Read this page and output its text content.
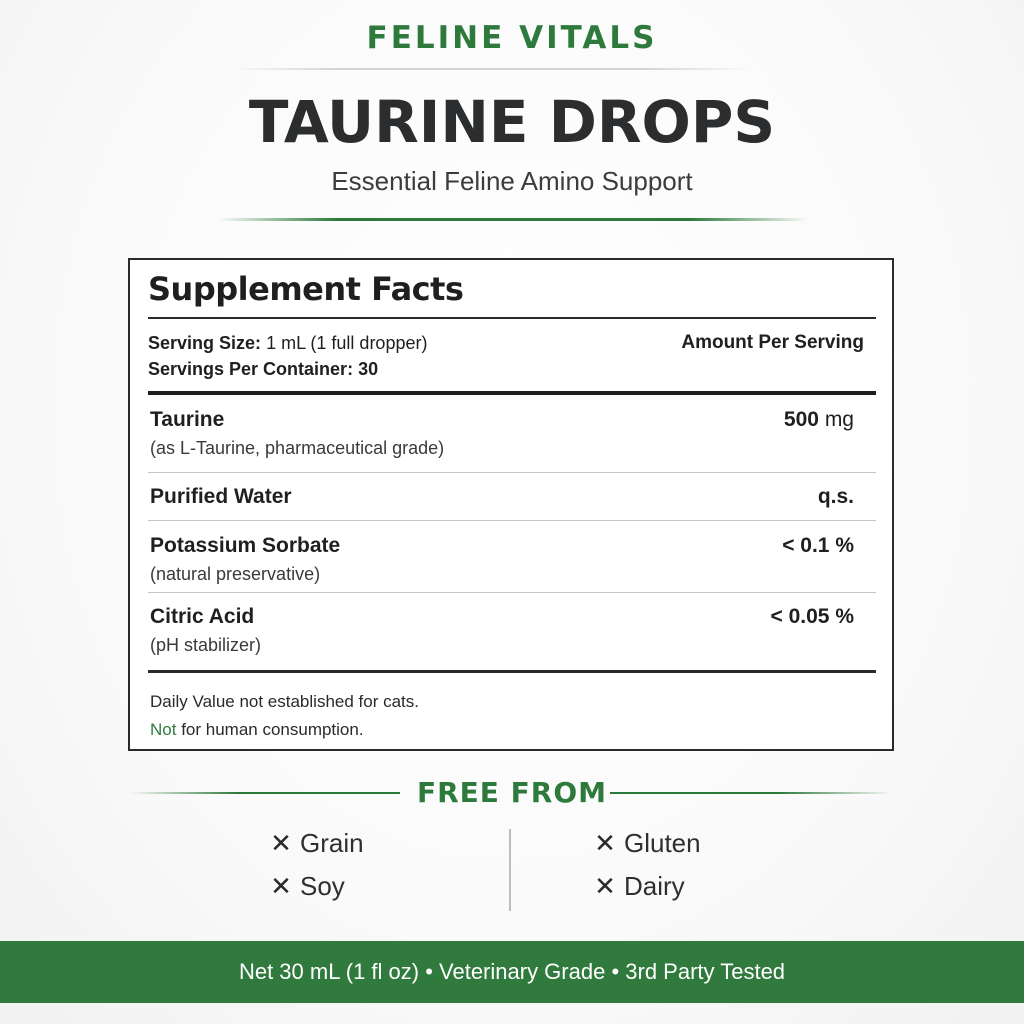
FELINE VITALS
TAURINE DROPS
Essential Feline Amino Support
Supplement Facts
Serving Size: 1 mL (1 full dropper)
Servings Per Container: 30
Amount Per Serving
Taurine
(as L-Taurine, pharmaceutical grade)
500 mg
Purified Water	q.s.
Potassium Sorbate
(natural preservative)
< 0.1 %
Citric Acid
(pH stabilizer)
< 0.05 %
Daily Value not established for cats.
Not for human consumption.
FREE FROM
✕ Grain
✕ Soy
✕ Gluten
✕ Dairy
Net 30 mL (1 fl oz) • Veterinary Grade • 3rd Party Tested
